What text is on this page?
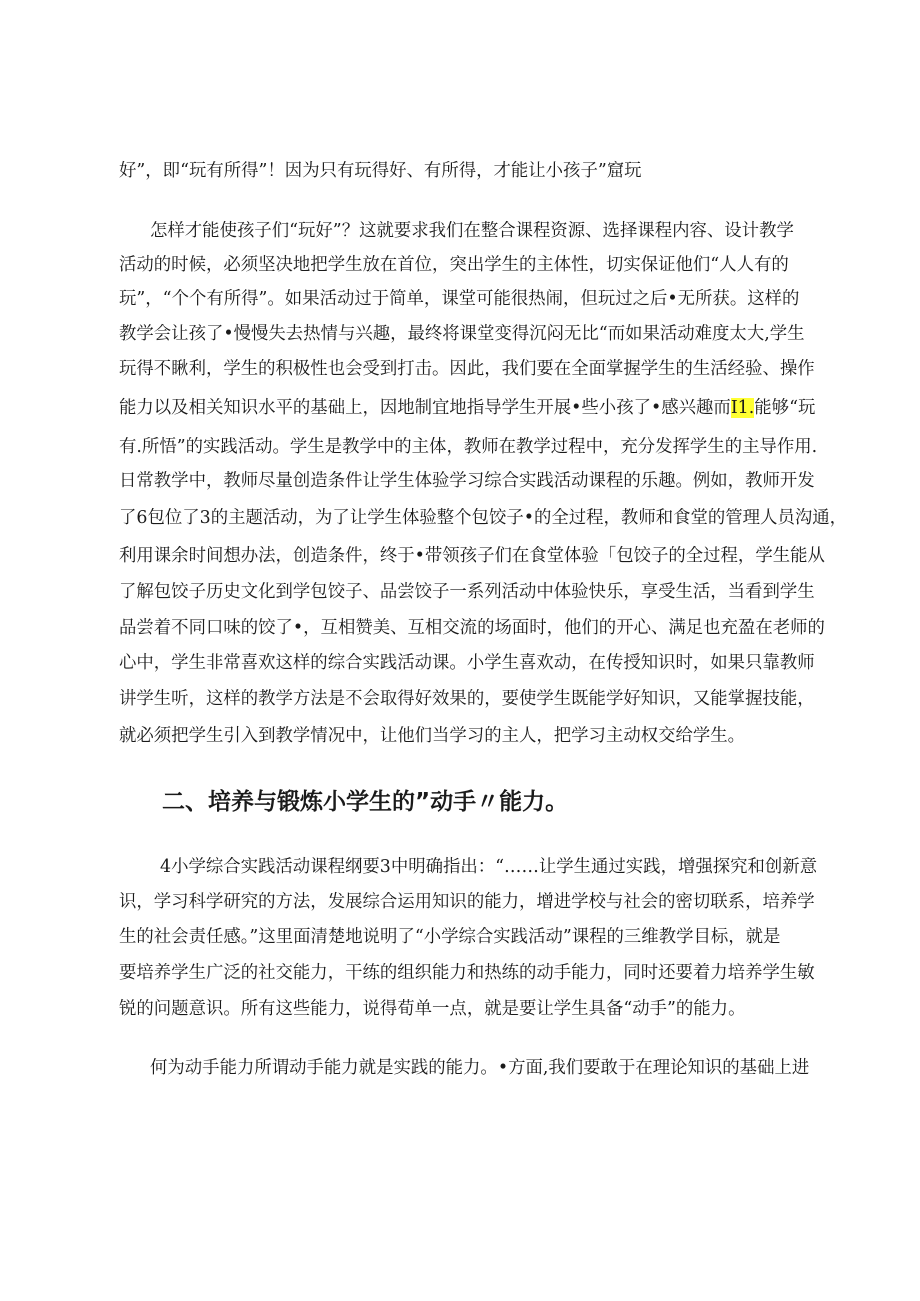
好”，即“玩有所得”！因为只有玩得好、有所得，才能让小孩子”窟玩

怎样才能使孩子们“玩好”？这就要求我们在整合课程资源、选择课程内容、设计教学

活动的时候，必须坚决地把学生放在首位，突出学生的主体性，切实保证他们“人人有的

玩”，“个个有所得”。如果活动过于简单，课堂可能很热闹，但玩过之后•无所获。这样的

教学会让孩了•慢慢失去热情与兴趣，最终将课堂变得沉闷无比“而如果活动难度太大,学生

玩得不瞅利，学生的积极性也会受到打击。因此，我们要在全面掌握学生的生活经验、操作

能力以及相关知识水平的基础上，因地制宜地指导学生开展•些小孩了•感兴趣而I1.能够“玩

有.所悟”的实践活动。学生是教学中的主体，教师在教学过程中，充分发挥学生的主导作用.

日常教学中，教师尽量创造条件让学生体验学习综合实践活动课程的乐趣。例如，教师开发

了6包位了3的主题活动，为了让学生体验整个包饺子•的全过程，教师和食堂的管理人员沟通，

利用课余时间想办法，创造条件，终于•带领孩子们在食堂体验「包饺子的全过程，学生能从

了解包饺子历史文化到学包饺子、品尝饺子一系列活动中体验快乐，享受生活，当看到学生

品尝着不同口味的饺了•，互相赞美、互相交流的场面时，他们的开心、满足也充盈在老师的

心中，学生非常喜欢这样的综合实践活动课。小学生喜欢动，在传授知识时，如果只靠教师

讲学生听，这样的教学方法是不会取得好效果的，要使学生既能学好知识，又能掌握技能，

就必须把学生引入到教学情况中，让他们当学习的主人，把学习主动权交给学生。

二、培养与锻炼小学生的”动手〃能力。

4小学综合实践活动课程纲要3中明确指出：“……让学生通过实践，增强探究和创新意

识，学习科学研究的方法，发展综合运用知识的能力，增进学校与社会的密切联系，培养学

生的社会责任感。”这里面清楚地说明了“小学综合实践活动”课程的三维教学目标，就是

要培养学生广泛的社交能力，干练的组织能力和热练的动手能力，同时还要着力培养学生敏

锐的问题意识。所有这些能力，说得荀单一点，就是要让学生具备“动手”的能力。

何为动手能力所谓动手能力就是实践的能力。•方面,我们要敢于在理论知识的基础上进
